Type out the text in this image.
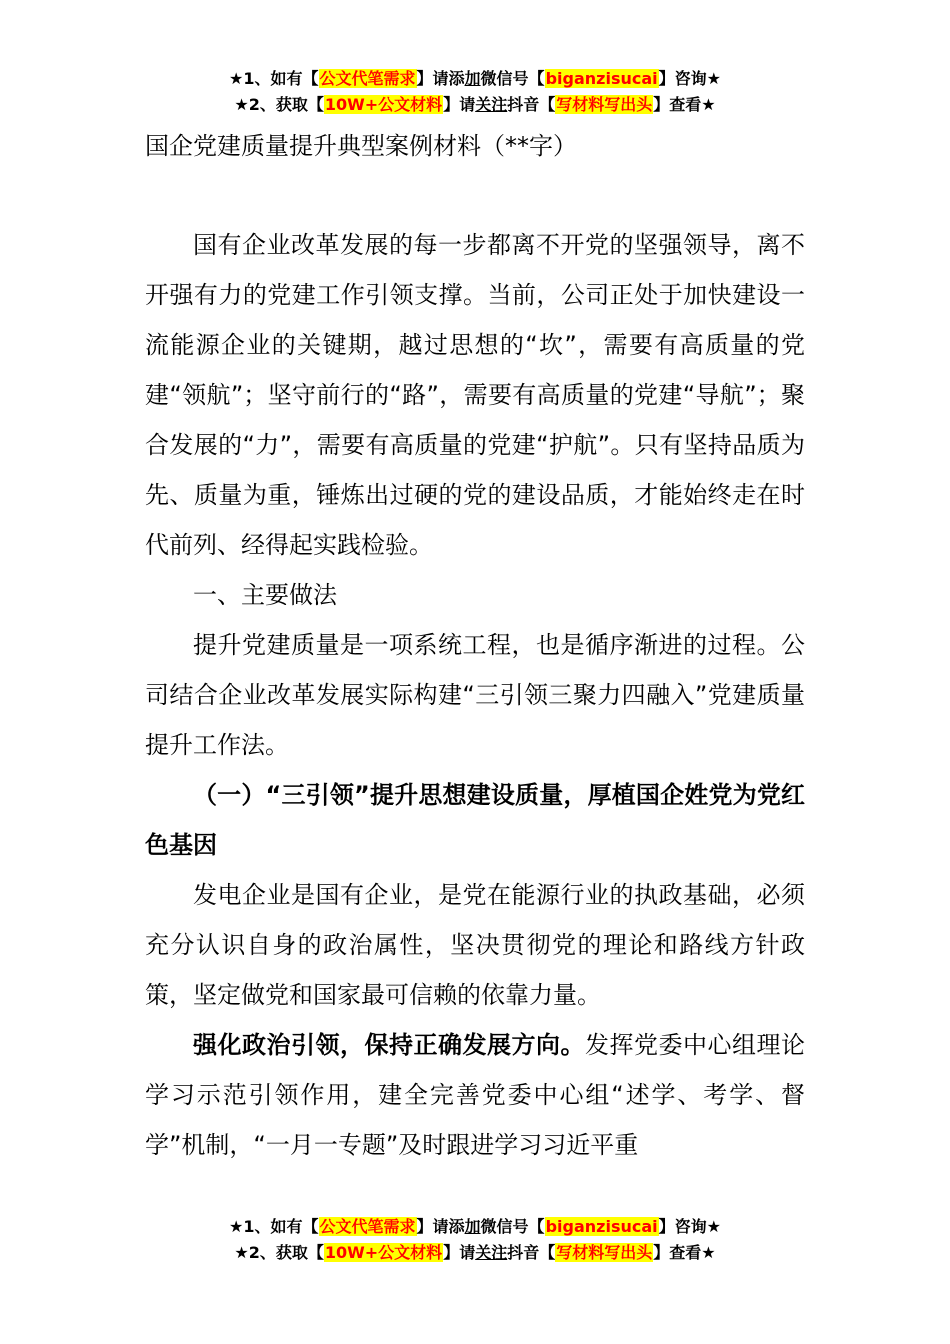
★1、如有【公文代笔需求】请添加微信号【biganzisucai】咨询★
★2、获取【10W+公文材料】请关注抖音【写材料写出头】查看★
国企党建质量提升典型案例材料（**字）

国有企业改革发展的每一步都离不开党的坚强领导，离不开强有力的党建工作引领支撑。当前，公司正处于加快建设一流能源企业的关键期，越过思想的“坎”，需要有高质量的党建“领航”；坚守前行的“路”，需要有高质量的党建“导航”；聚合发展的“力”，需要有高质量的党建“护航”。只有坚持品质为先、质量为重，锤炼出过硬的党的建设品质，才能始终走在时代前列、经得起实践检验。

一、主要做法

提升党建质量是一项系统工程，也是循序渐进的过程。公司结合企业改革发展实际构建“三引领三聚力四融入”党建质量提升工作法。

（一）“三引领”提升思想建设质量，厚植国企姓党为党红色基因

发电企业是国有企业，是党在能源行业的执政基础，必须充分认识自身的政治属性，坚决贯彻党的理论和路线方针政策，坚定做党和国家最可信赖的依靠力量。

强化政治引领，保持正确发展方向。发挥党委中心组理论学习示范引领作用，建全完善党委中心组“述学、考学、督学”机制，“一月一专题”及时跟进学习习近平重

★1、如有【公文代笔需求】请添加微信号【biganzisucai】咨询★
★2、获取【10W+公文材料】请关注抖音【写材料写出头】查看★
